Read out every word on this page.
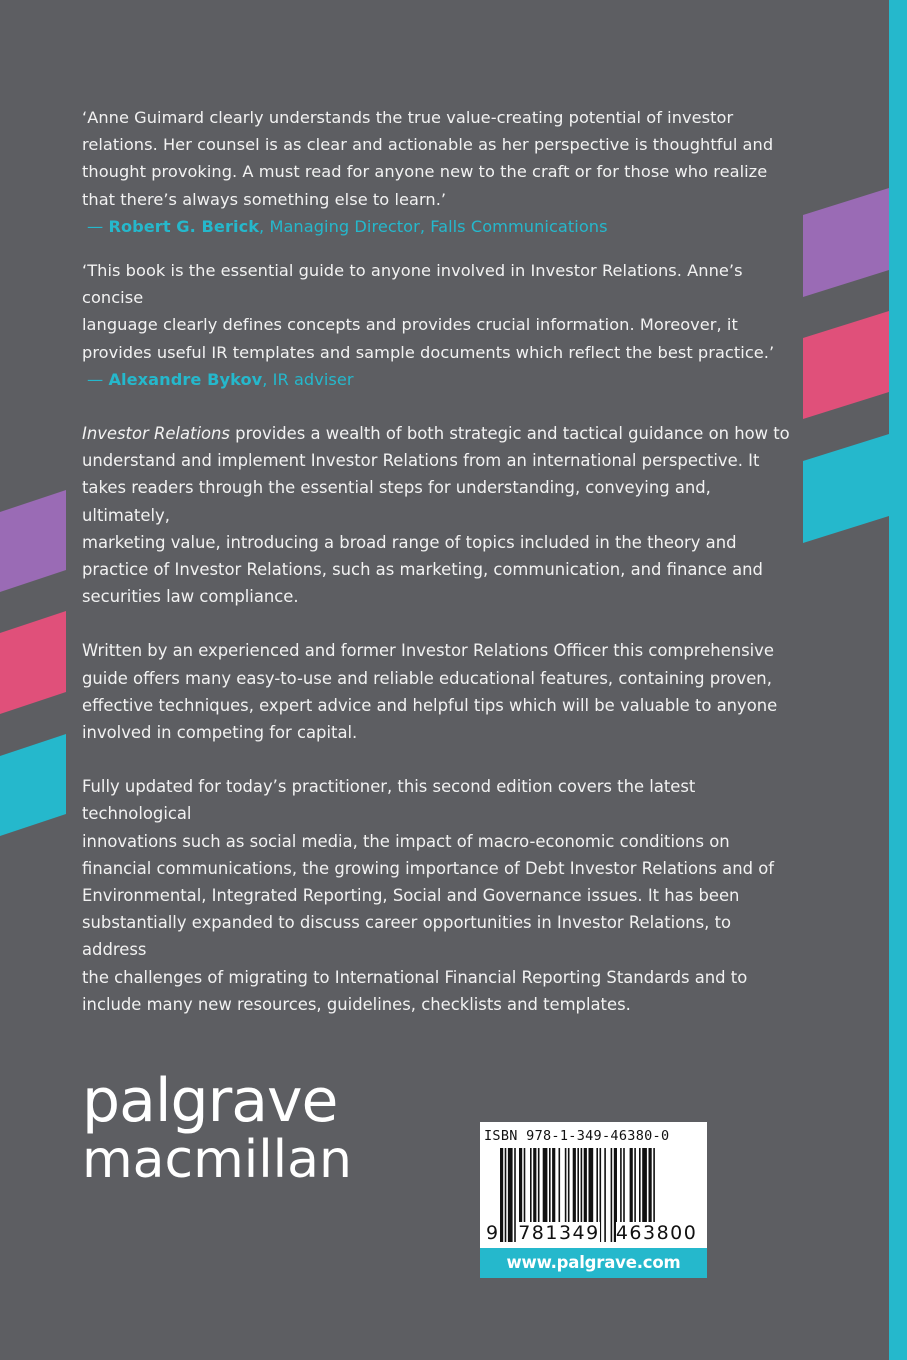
‘Anne Guimard clearly understands the true value-creating potential of investor
relations. Her counsel is as clear and actionable as her perspective is thoughtful and
thought provoking. A must read for anyone new to the craft or for those who realize
that there’s always something else to learn.’

— Robert G. Berick, Managing Director, Falls Communications

‘This book is the essential guide to anyone involved in Investor Relations. Anne’s concise
language clearly defines concepts and provides crucial information. Moreover, it
provides useful IR templates and sample documents which reflect the best practice.’

— Alexandre Bykov, IR adviser

Investor Relations provides a wealth of both strategic and tactical guidance on how to
understand and implement Investor Relations from an international perspective. It
takes readers through the essential steps for understanding, conveying and, ultimately,
marketing value, introducing a broad range of topics included in the theory and
practice of Investor Relations, such as marketing, communication, and finance and
securities law compliance.

Written by an experienced and former Investor Relations Officer this comprehensive
guide offers many easy-to-use and reliable educational features, containing proven,
effective techniques, expert advice and helpful tips which will be valuable to anyone
involved in competing for capital.

Fully updated for today’s practitioner, this second edition covers the latest technological
innovations such as social media, the impact of macro-economic conditions on
financial communications, the growing importance of Debt Investor Relations and of
Environmental, Integrated Reporting, Social and Governance issues. It has been
substantially expanded to discuss career opportunities in Investor Relations, to address
the challenges of migrating to International Financial Reporting Standards and to
include many new resources, guidelines, checklists and templates.

palgrave
macmillan	ISBN 978-1-349-46380-0
9 781349 463800
www.palgrave.com
